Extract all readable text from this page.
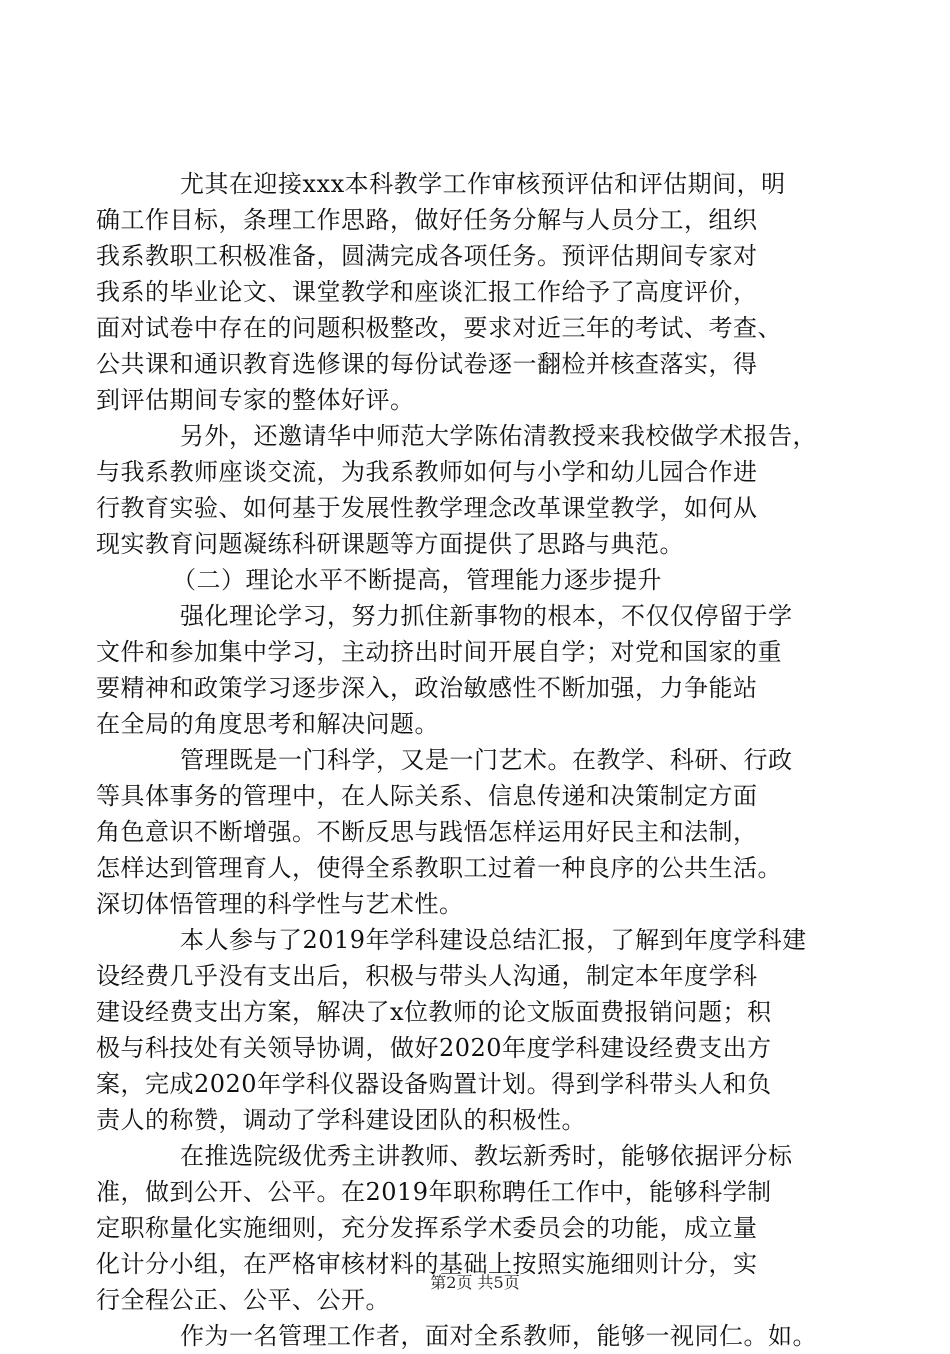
尤其在迎接xxx本科教学工作审核预评估和评估期间，明
确工作目标，条理工作思路，做好任务分解与人员分工，组织
我系教职工积极准备，圆满完成各项任务。预评估期间专家对
我系的毕业论文、课堂教学和座谈汇报工作给予了高度评价，
面对试卷中存在的问题积极整改，要求对近三年的考试、考查、
公共课和通识教育选修课的每份试卷逐一翻检并核查落实，得
到评估期间专家的整体好评。
另外，还邀请华中师范大学陈佑清教授来我校做学术报告，
与我系教师座谈交流，为我系教师如何与小学和幼儿园合作进
行教育实验、如何基于发展性教学理念改革课堂教学，如何从
现实教育问题凝练科研课题等方面提供了思路与典范。
（二）理论水平不断提高，管理能力逐步提升
强化理论学习，努力抓住新事物的根本，不仅仅停留于学
文件和参加集中学习，主动挤出时间开展自学；对党和国家的重
要精神和政策学习逐步深入，政治敏感性不断加强，力争能站
在全局的角度思考和解决问题。
管理既是一门科学，又是一门艺术。在教学、科研、行政
等具体事务的管理中，在人际关系、信息传递和决策制定方面
角色意识不断增强。不断反思与践悟怎样运用好民主和法制，
怎样达到管理育人，使得全系教职工过着一种良序的公共生活。
深切体悟管理的科学性与艺术性。
本人参与了2019年学科建设总结汇报，了解到年度学科建
设经费几乎没有支出后，积极与带头人沟通，制定本年度学科
建设经费支出方案，解决了x位教师的论文版面费报销问题；积
极与科技处有关领导协调，做好2020年度学科建设经费支出方
案，完成2020年学科仪器设备购置计划。得到学科带头人和负
责人的称赞，调动了学科建设团队的积极性。
在推选院级优秀主讲教师、教坛新秀时，能够依据评分标
准，做到公开、公平。在2019年职称聘任工作中，能够科学制
定职称量化实施细则，充分发挥系学术委员会的功能，成立量
化计分小组，在严格审核材料的基础上按照实施细则计分，实
行全程公正、公平、公开。
作为一名管理工作者，面对全系教师，能够一视同仁。如。
第2页 共5页
